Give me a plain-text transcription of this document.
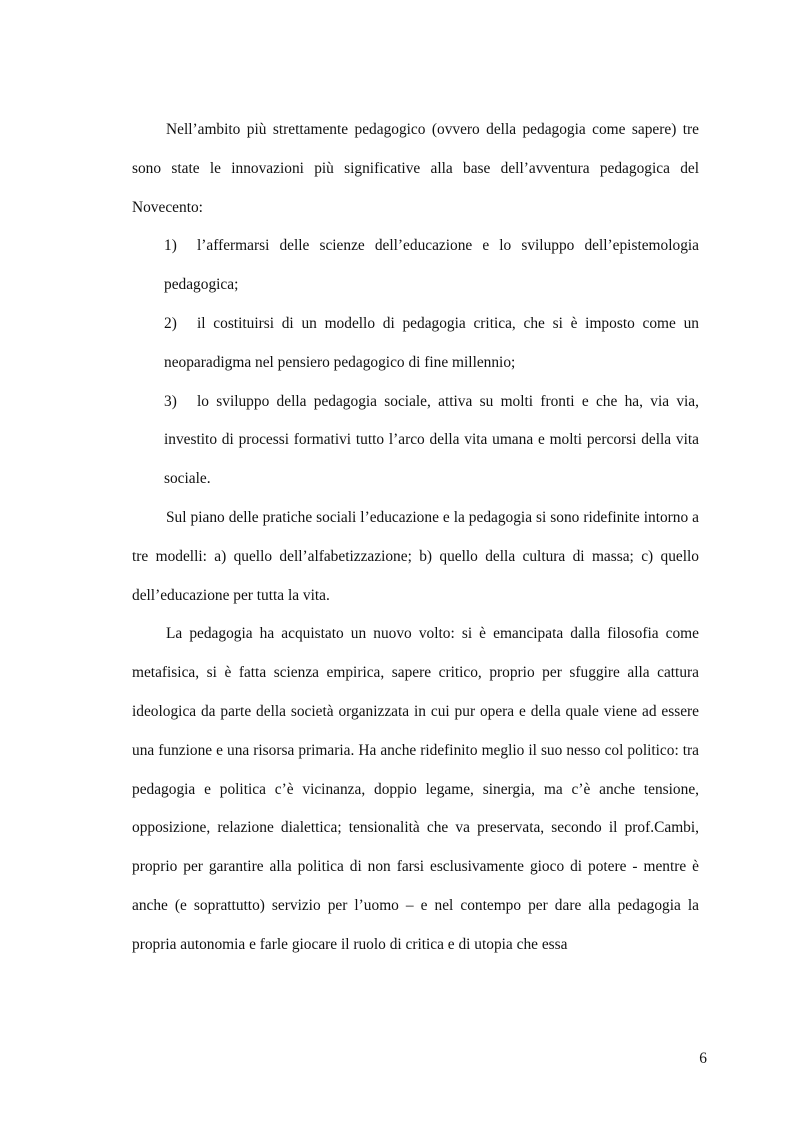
Nell’ambito più strettamente pedagogico (ovvero della pedagogia come sapere) tre sono state le innovazioni più significative alla base dell’avventura pedagogica del Novecento:

1) l’affermarsi delle scienze dell’educazione e lo sviluppo dell’epistemologia pedagogica;
2) il costituirsi di un modello di pedagogia critica, che si è imposto come un neoparadigma nel pensiero pedagogico di fine millennio;
3) lo sviluppo della pedagogia sociale, attiva su molti fronti e che ha, via via, investito di processi formativi tutto l’arco della vita umana e molti percorsi della vita sociale.

Sul piano delle pratiche sociali l’educazione e la pedagogia si sono ridefinite intorno a tre modelli: a) quello dell’alfabetizzazione; b) quello della cultura di massa; c) quello dell’educazione per tutta la vita.

La pedagogia ha acquistato un nuovo volto: si è emancipata dalla filosofia come metafisica, si è fatta scienza empirica, sapere critico, proprio per sfuggire alla cattura ideologica da parte della società organizzata in cui pur opera e della quale viene ad essere una funzione e una risorsa primaria. Ha anche ridefinito meglio il suo nesso col politico: tra pedagogia e politica c’è vicinanza, doppio legame, sinergia, ma c’è anche tensione, opposizione, relazione dialettica; tensionalità che va preservata, secondo il prof.Cambi, proprio per garantire alla politica di non farsi esclusivamente gioco di potere - mentre è anche (e soprattutto) servizio per l’uomo – e nel contempo per dare alla pedagogia la propria autonomia e farle giocare il ruolo di critica e di utopia che essa

6
